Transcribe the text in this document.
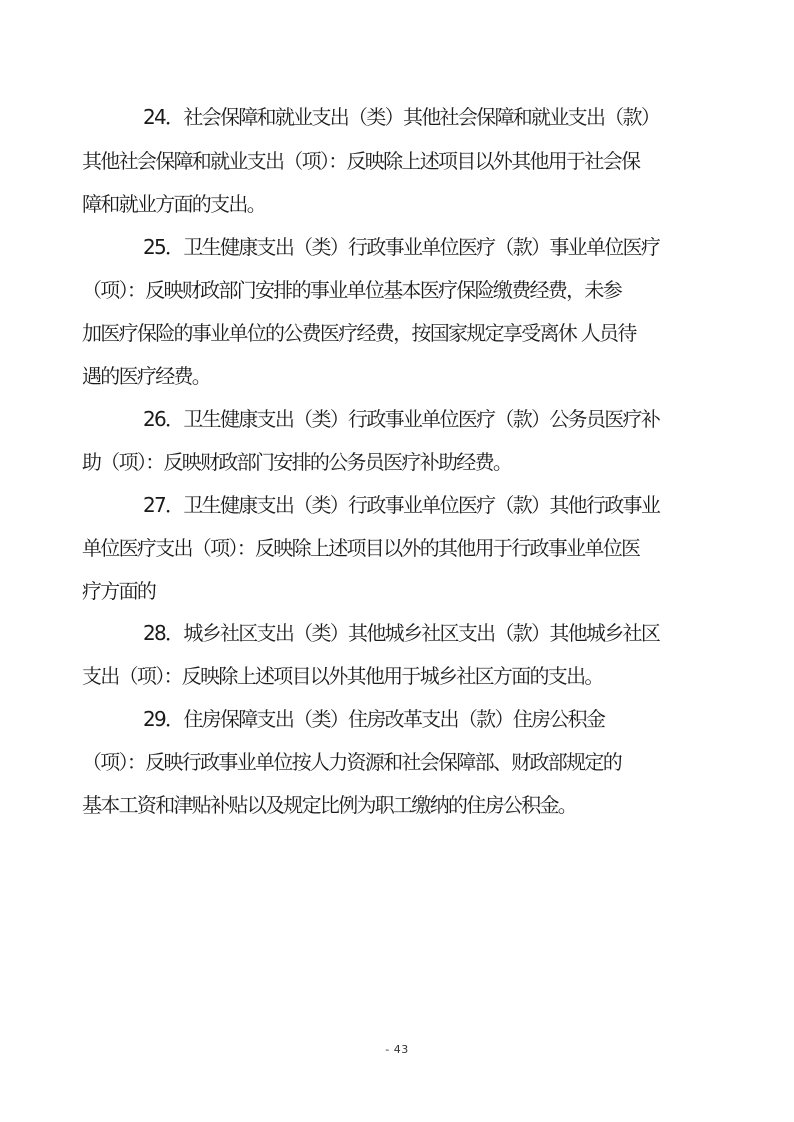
24．社会保障和就业支出（类）其他社会保障和就业支出（款）
其他社会保障和就业支出（项）：反映除上述项目以外其他用于社会保
障和就业方面的支出。
25．卫生健康支出（类）行政事业单位医疗（款）事业单位医疗
（项）：反映财政部门安排的事业单位基本医疗保险缴费经费，未参
加医疗保险的事业单位的公费医疗经费，按国家规定享受离休 人员待
遇的医疗经费。
26．卫生健康支出（类）行政事业单位医疗（款）公务员医疗补
助（项）：反映财政部门安排的公务员医疗补助经费。
27．卫生健康支出（类）行政事业单位医疗（款）其他行政事业
单位医疗支出（项）：反映除上述项目以外的其他用于行政事业单位医
疗方面的
28．城乡社区支出（类）其他城乡社区支出（款）其他城乡社区
支出（项）：反映除上述项目以外其他用于城乡社区方面的支出。
29．住房保障支出（类）住房改革支出（款）住房公积金
（项）：反映行政事业单位按人力资源和社会保障部、财政部规定的
基本工资和津贴补贴以及规定比例为职工缴纳的住房公积金。
- 43
